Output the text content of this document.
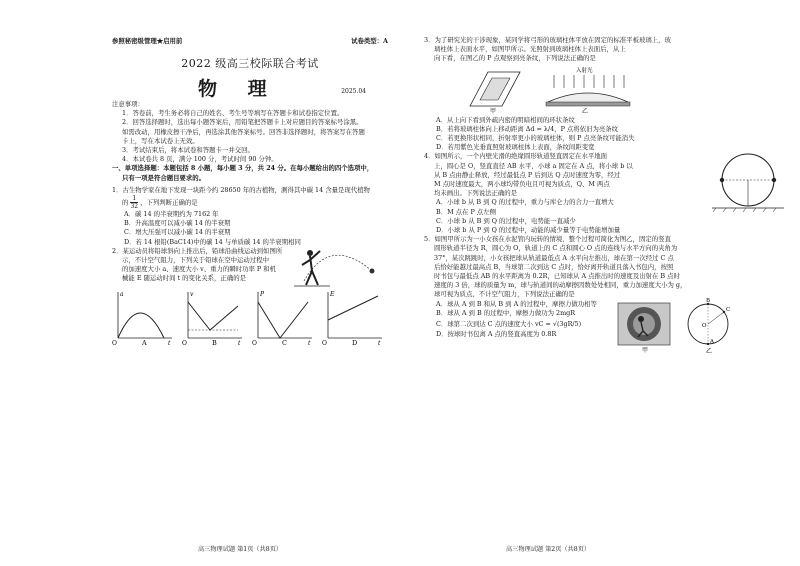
参照秘密级管理★启用前	试卷类型：A
2022 级高三校际联合考试
物 理	2025.04

注意事项：

1．答卷前，考生务必将自己的姓名、考生号等填写在答题卡和试卷指定位置。

2．回答选择题时，选出每小题答案后，用铅笔把答题卡上对应题目的答案标号涂黑。

如需改动，用橡皮擦干净后，再选涂其他答案标号。回答非选择题时，将答案写在答题

卡上，写在本试卷上无效。

3．考试结束后，将本试卷和答题卡一并交回。

4．本试卷共 8 页，满分 100 分，考试时间 90 分钟。

一、单项选择题：本题包括 8 小题，每小题 3 分，共 24 分。在每小题给出的四个选项中，

只有一项是符合题目要求的。

1．古生物学家在地下发现一块距今约 28650 年的古植物，测得其中碳 14 含量是现代植物

的 $\frac{1}{32}$ ，下列判断正确的是

A．碳 14 的半衰期约为 7162 年

B．升高温度可以减小碳 14 的半衰期

C．增大压强可以减小碳 14 的半衰期

D．若 14 根铅(BaC14)中的碳 14 与单质碳 14 的半衰期相同

2．某运动员将铅球斜向上推出后，铅球沿曲线运动到如图所

示，不计空气阻力，下列关于铅球在空中运动过程中

的加速度大小 a、速度大小 v、重力的瞬时功率 P 和机

械能 E 随运动时间 t 的变化关系，正确的是

a
O	t
A
v
O	t
B
P
O	t
C
E
O	t
D
高三物理试题 第1页（共8页）

3．为了研究光的干涉现象，某同学将弓形的玻璃柱体平放在固定的标准平板玻璃上，玻

璃柱体上表面水平，如图甲所示。光照射到玻璃柱体上表面后，从上

向下看，在图乙的 P 点观察到亮条纹，下列说法正确的是

甲
入射光
乙

A．从上向下看到外疏内密的明暗相间的环状条纹

B．若将玻璃柱体向上移动距离 Δd = λ/4，P 点将依旧为亮条纹

C．若更换形状相同，折射率更小的玻璃柱体，则 P 点亮条纹可能消失

D．若用紫色光垂直照射玻璃柱体上表面，条纹间距变宽

4．如图所示，一个内壁光滑的绝缘圆形轨道竖直固定在水平地面

上，圆心是 O，竖直直径 AB 水平，小球 a 固定在 A 点，将小球 b 以

从 B 点由静止释放，经过最低点 P 后到达 Q 点时速度为零，经过

M 点时速度最大，两小球均带负电且可视为质点，Q、M 两点

均未画出。下列说法正确的是

A．小球 b 从 B 到 Q 的过程中，重力与库仑力的合力一直增大

B．M 点在 P 点左侧

C．小球 b 从 B 到 Q 的过程中，电势能一直减少

D．小球 b 从 P 到 Q 的过程中，动能的减少量等于电势能增加量

5．如图甲所示为一小女孩在水泥管内玩转的情境，整个过程可简化为图乙，固定的竖直

圆形轨道半径为 R，圆心为 O，轨道上的 C 点和圆心 O 点的连线与水平方向的夹角为

37°，某次跳跳时，小女孩把球从轨道最低点 A 水平向左推出，球在第一次经过 C 点

后恰好能越过最高点 B，当球第二次到达 C 点时，恰好离开轨道且落入书包内，按照

时书包与最低点 AB 的水平距离为 0.2R，已知球从 A 点推出时的速度及出射在 B 点时

速度的 3 倍，球的质量为 m，球与轨道间的动摩擦因数处处相同，重力加速度大小为 g，

球可视为质点，不计空气阻力，下列说法正确的是

A．球从 A 到 B 和从 B 到 A 的过程中，摩擦力做功相等

B．球从 A 到 B 的过程中，摩擦力做功为 2mgR

C．球第二次到达 C 点的速度大小 vC = √(3gR/5)

D．按球时书包离 A 点的竖直高度为 0.8R

甲
B
C
O
A
乙
高三物理试题 第2页（共8页）
